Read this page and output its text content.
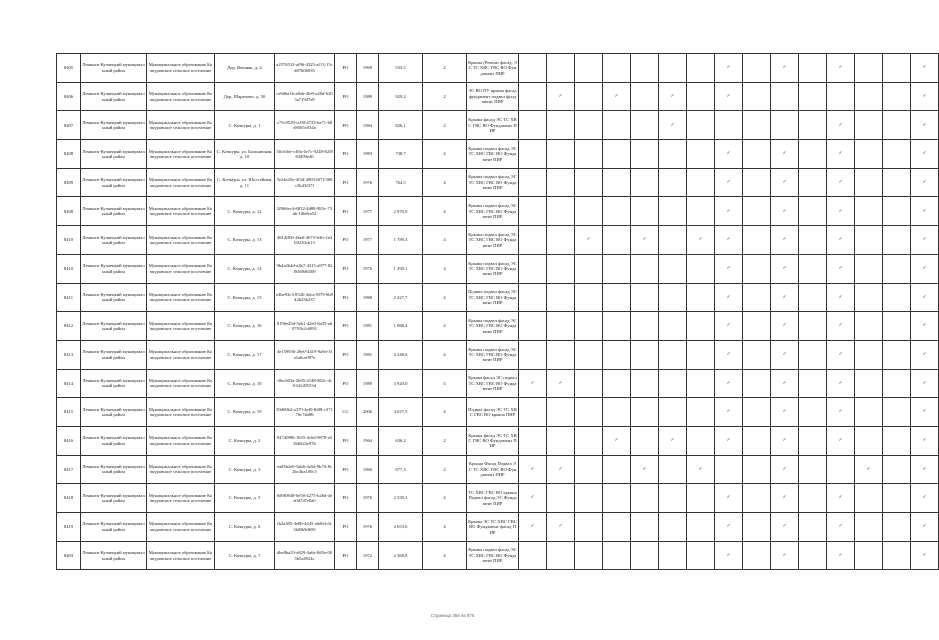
8405	Ленинск-Кузнецкий муниципальный район	Муниципальное образование Кочкуровское сельское поселение	Дер. Вешняк, д. 2	a2576532-af96-4325-af13-15cd87b06835	РО	1969	533,5	2	Крыша (Ремонт фасад, ЭС ТС ХВС ГВС ВО Фундамент ПИР								✓		✓		✓			✓
8406	Ленинск-Кузнецкий муниципальный район	Муниципальное образование Кочкуровское сельское поселение	Дер. Шарапово, д. 50	ce9d6a1b-a8ab-4fe9-a28d-6203a71947e8	РО	1989	929,2	2	ЭС ВО ПУ крыша фасад фундамент подвал фундамент ПИР		✓		✓		✓		✓							✓
8407	Ленинск-Кузнецкий муниципальный район	Муниципальное образование Кочкуровское сельское поселение	С. Кочкуры, д. 1	c75c9529-cc00-4723-ba71-b8d9565c034a	РО	1984	826,1	2	Крыша фасад ЭС ТС ХВС ГВС ВО Фундамент ПИР						✓						✓			✓
8408	Ленинск-Кузнецкий муниципальный район	Муниципальное образование Кочкуровское сельское поселение	С. Кочкуры, ул. Больничная, д. 10	3ffcb3ef-c40a-4e7c-9248-82f863d99e40	РО	1983	738,7	4	Крыша подвал фасад ЭС ТС ХВС ГВС ВО Фундамент ПИР								✓		✓		✓			✓
8409	Ленинск-Кузнецкий муниципальный район	Муниципальное образование Кочкуровское сельское поселение	С. Кочкуры, ул. Шоссейная, д. 11	5e24e45e-4f3d-4903-8f7f-368c5b43f37f	РО	1976	764,5	4	Крыша подвал фасад ЭС ТС ХВС ГВС ВО Фундамент ПИР								✓		✓		✓			✓
8408	Ленинск-Кузнецкий муниципальный район	Муниципальное образование Кочкуровское сельское поселение	С. Кочкуры, д. 12	2f966ec4-6832-4d88-983c-73ab-10b8ea52	РО	1977	2 970,0	4	Крыша подвал фасад ЭС ТС ХВС ГВС ВО Фундамент ПИР								✓		✓		✓			✓
8410	Ленинск-Кузнецкий муниципальный район	Муниципальное образование Кочкуровское сельское поселение	С. Кочкуры, д. 13	4814f83f-4be6-4673-b4fc-fe4b9230cb13	РО	1977	1 789,3	4	Крыша подвал фасад ЭС ТС ХВС ГВС ВО Фундамент ПИР			✓		✓		✓	✓		✓		✓			✓
8410	Ленинск-Кузнецкий муниципальный район	Муниципальное образование Кочкуровское сельское поселение	С. Кочкуры, д. 14	9b4a2b4d-a2b7-4315-a977-82f0469d6569	РО	1976	1 290,1	4	Крыша подвал фасад ЭС ТС ХВС ГВС ВО Фундамент ПИР								✓		✓		✓			✓
8411	Ленинск-Кузнецкий муниципальный район	Муниципальное образование Кочкуровское сельское поселение	С. Кочкуры, д. 15	e4be93c3-852b-4dca-9f79-6b942b25b237	РО	1980	2 427,7	4	Подвал подвал фасад ЭС ТС ХВС ГВС ВО Фундамент ПИР								✓		✓		✓			✓
8412	Ленинск-Кузнецкий муниципальный район	Муниципальное образование Кочкуровское сельское поселение	С. Кочкуры, д. 16	8196e45d-5eb1-42e0-8a35-eb0791b2c6891	РО	1981	1 986,4	4	Крыша подвал фасад ЭС ТС ХВС ГВС ВО Фундамент ПИР								✓		✓		✓			✓
8413	Ленинск-Кузнецкий муниципальный район	Муниципальное образование Кочкуровское сельское поселение	С. Кочкуры, д. 17	4e159956-28e0-4419-9a9d-3fa1a6ce097e	РО	1981	3 248,6	4	Крыша подвал фасад ЭС ТС ХВС ГВС ВО Фундамент ПИР								✓		✓		✓			✓
8414	Ленинск-Кузнецкий муниципальный район	Муниципальное образование Кочкуровское сельское поселение	С. Кочкуры, д. 18	c8ec603a-2b95-4148-862c-4c6341d0553d	РО	1989	3 920,0	5	Крыша фасад ЭС подвал ТС ХВС ГВС ВО Фундамент ПИР	✓	✓						✓		✓		✓			✓
8415	Ленинск-Кузнецкий муниципальный район	Муниципальное образование Кочкуровское сельское поселение	С. Кочкуры, д. 19	30d60b2-a370-4ef0-8df8-c37176c7ab86	СС	2006	4 027,5	4	Подвал фасад ЭС ТС ХВС ГВС ВО крыша ПИР								✓		✓		✓			✓
8416	Ленинск-Кузнецкий муниципальный район	Муниципальное образование Кочкуровское сельское поселение	С. Кочкуры, д. 2	0474f896-1b55-4c6d-9878-e53b6022e97b	РО	1964	636,2	2	Крыша фасад ЭС ТС ХВС ГВС ВО Фундамент ПИР				✓		✓		✓		✓		✓			✓
8417	Ленинск-Кузнецкий муниципальный район	Муниципальное образование Кочкуровское сельское поселение	С. Кочкуры, д. 3	ea03b2e6-5ab6-4a5d-9b74-8c2bc3ba100c5	РО	1960	677,3	2	Крыша Фасад Подвал ЭС ТС ХВС ГВС ВО Фундамент ПИР	✓	✓			✓		✓			✓			✓		✓
8418	Ленинск-Кузнецкий муниципальный район	Муниципальное образование Кочкуровское сельское поселение	С. Кочкуры, д. 5	0d9f0848-0e58-4275-b26d-4ea0d7d7e0a0	РО	1976	2 539,3	4	ТС ХВС ГВС ВО крышаПодвал фасад ЭС Фундамент ПИР	✓							✓		✓		✓			✓
8419	Ленинск-Кузнецкий муниципальный район	Муниципальное образование Кочкуровское сельское поселение	С. Кочкуры, д. 6	fb2a385-4e0b-4445-a6d6-b3c3fd0b9d650	РО	1976	2 653,6	4	Крыша ЭС ТС ХВС ГВС ВО Фундамент фасад ПИР	✓	✓						✓		✓		✓			✓
8403	Ленинск-Кузнецкий муниципальный район	Муниципальное образование Кочкуровское сельское поселение	С. Кочкуры, д. 7	dbe8ba53-e829-4a6a-8d5a-005b5a4924c	РО	1972	2 368,8	4	Крыша подвал фасад ЭС ТС ХВС ГВС ВО Фундамент ПИР								✓		✓		✓			✓
Страница 358 из 875
